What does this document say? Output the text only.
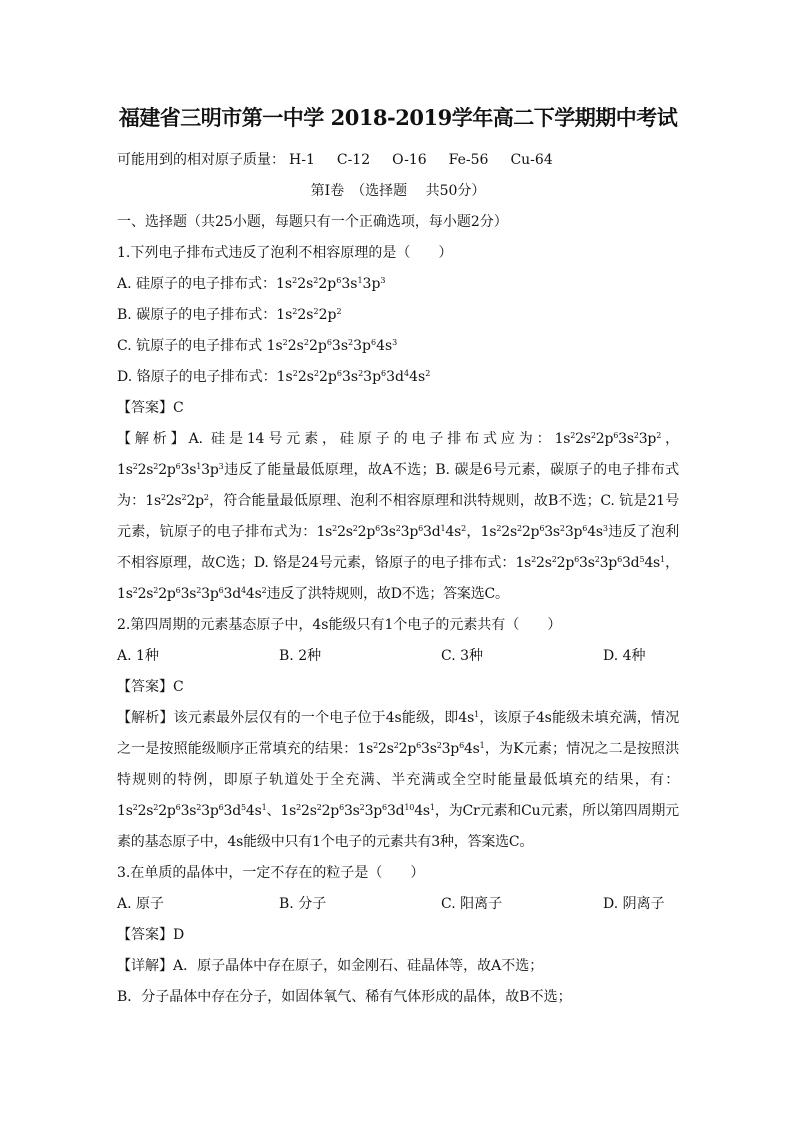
福建省三明市第一中学 2018-2019学年高二下学期期中考试
可能用到的相对原子质量： H-1 C-12 O-16 Fe-56 Cu-64
第Ⅰ卷　（选择题　 共50分）
一、选择题（共25小题，每题只有一个正确选项，每小题2分）
1.下列电子排布式违反了泡利不相容原理的是（　　）
A. 硅原子的电子排布式：$1s^22s^22p^63s^13p^3$
B. 碳原子的电子排布式：$1s^22s^22p^2$
C. 钪原子的电子排布式 $1s^22s^22p^63s^23p^64s^3$
D. 铬原子的电子排布式：$1s^22s^22p^63s^23p^63d^44s^2$
【答案】C
【解析】A. 硅是14号元素，硅原子的电子排布式应为：$1s^22s^22p^63s^23p^2$，$1s^22s^22p^63s^13p^3$违反了能量最低原理，故A不选；B. 碳是6号元素，碳原子的电子排布式为：$1s^22s^22p^2$，符合能量最低原理、泡利不相容原理和洪特规则，故B不选；C. 钪是21号元素，钪原子的电子排布式为：$1s^22s^22p^63s^23p^63d^14s^2$，$1s^22s^22p^63s^23p^64s^3$违反了泡利不相容原理，故C选；D. 铬是24号元素，铬原子的电子排布式：$1s^22s^22p^63s^23p^63d^54s^1$，$1s^22s^22p^63s^23p^63d^44s^2$违反了洪特规则，故D不选；答案选C。
2.第四周期的元素基态原子中，4s能级只有1个电子的元素共有（　　）
A. 1种	B. 2种	C. 3种	D. 4种
【答案】C
【解析】该元素最外层仅有的一个电子位于4s能级，即$4s^1$，该原子4s能级未填充满，情况之一是按照能级顺序正常填充的结果：$1s^22s^22p^63s^23p^64s^1$，为K元素；情况之二是按照洪特规则的特例，即原子轨道处于全充满、半充满或全空时能量最低填充的结果，有：$1s^22s^22p^63s^23p^63d^54s^1$、$1s^22s^22p^63s^23p^63d^{10}4s^1$，为Cr元素和Cu元素，所以第四周期元素的基态原子中，4s能级中只有1个电子的元素共有3种，答案选C。
3.在单质的晶体中，一定不存在的粒子是（　　）
A. 原子	B. 分子	C. 阳离子	D. 阴离子
【答案】D
【详解】A．原子晶体中存在原子，如金刚石、硅晶体等，故A不选；
B．分子晶体中存在分子，如固体氧气、稀有气体形成的晶体，故B不选；
